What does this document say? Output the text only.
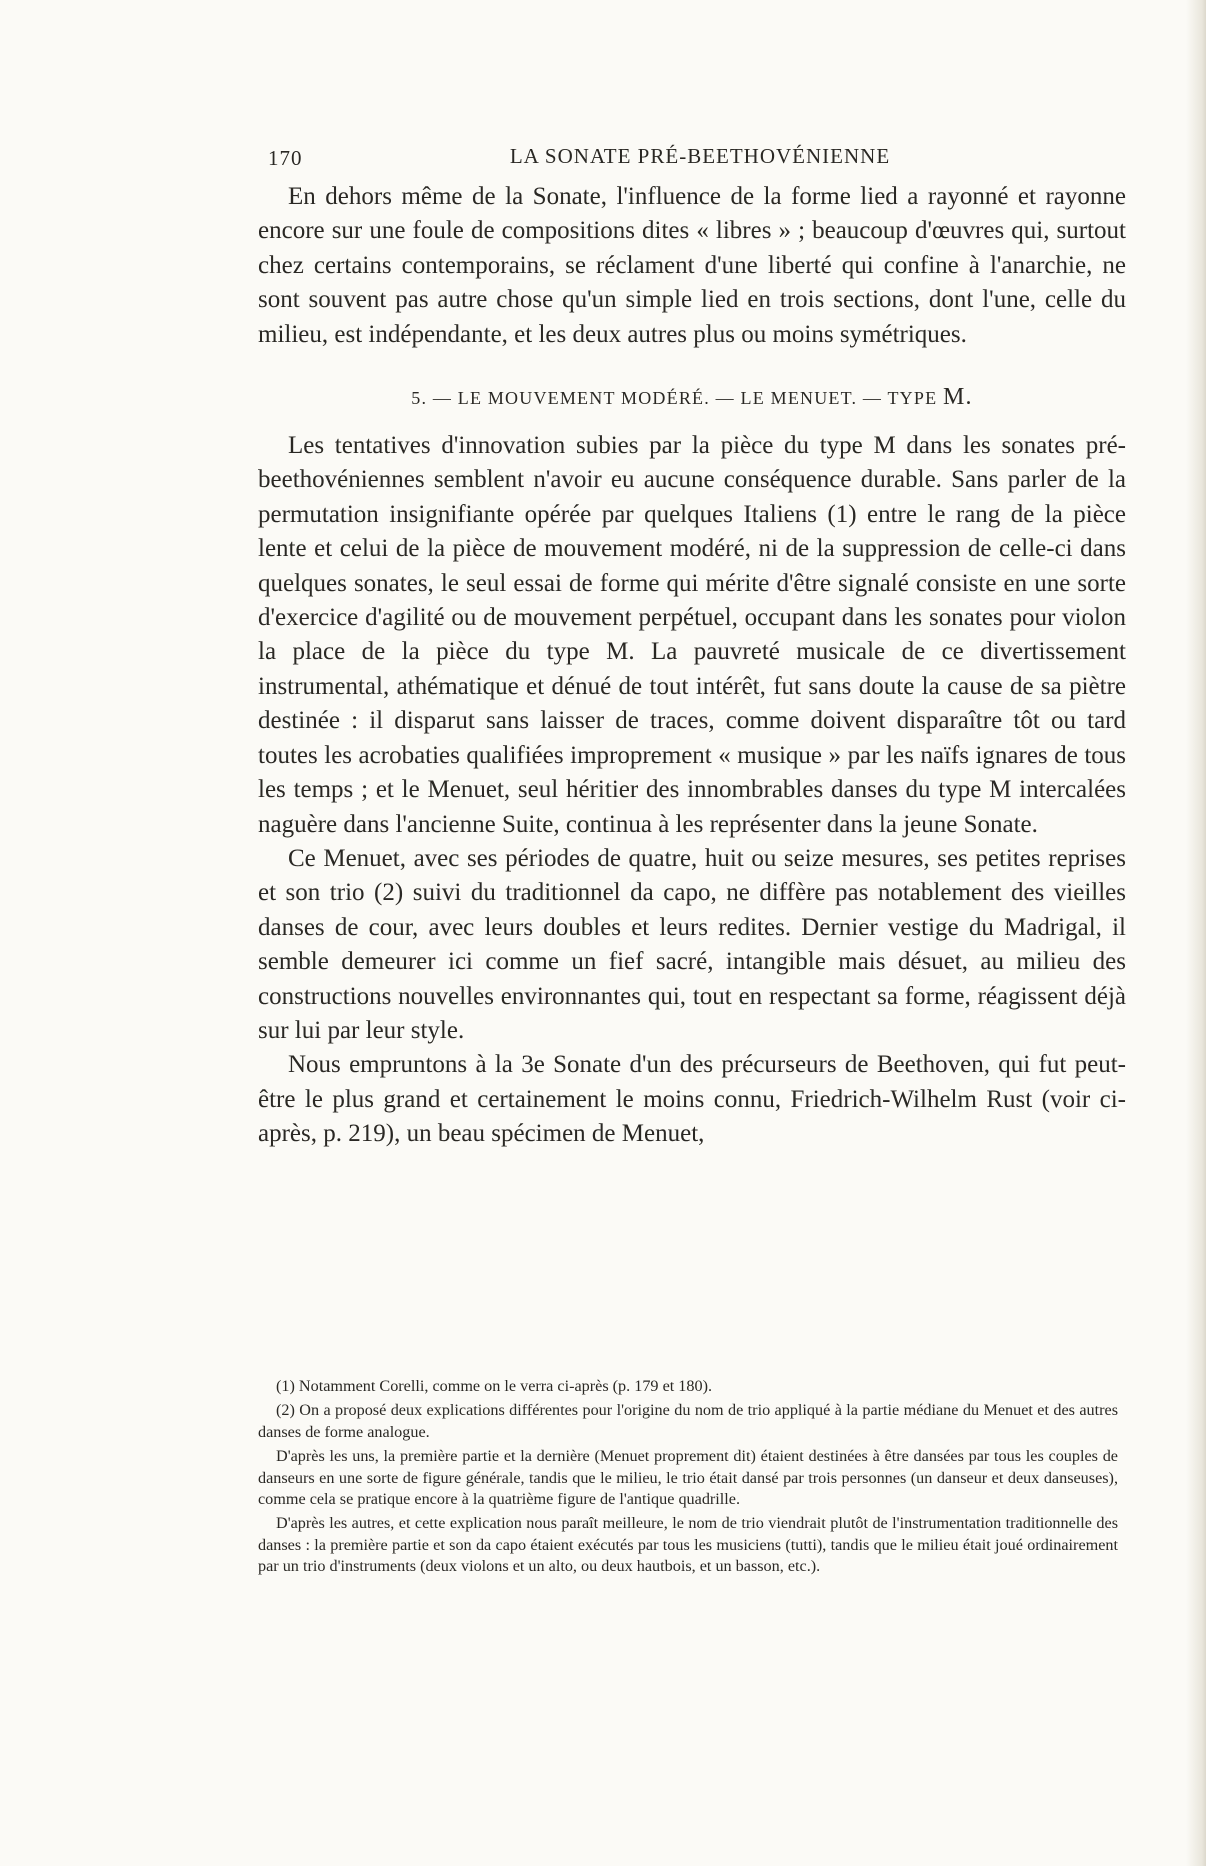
170	LA SONATE PRÉ-BEETHOVÉNIENNE

En dehors même de la Sonate, l'influence de la forme lied a rayonné et rayonne encore sur une foule de compositions dites « libres » ; beaucoup d'œuvres qui, surtout chez certains contemporains, se réclament d'une liberté qui confine à l'anarchie, ne sont souvent pas autre chose qu'un simple lied en trois sections, dont l'une, celle du milieu, est indépendante, et les deux autres plus ou moins symétriques.

5. — LE MOUVEMENT MODÉRÉ. — LE MENUET. — TYPE M.

Les tentatives d'innovation subies par la pièce du type M dans les sonates pré-beethovéniennes semblent n'avoir eu aucune conséquence durable. Sans parler de la permutation insignifiante opérée par quelques Italiens (1) entre le rang de la pièce lente et celui de la pièce de mouvement modéré, ni de la suppression de celle-ci dans quelques sonates, le seul essai de forme qui mérite d'être signalé consiste en une sorte d'exercice d'agilité ou de mouvement perpétuel, occupant dans les sonates pour violon la place de la pièce du type M. La pauvreté musicale de ce divertissement instrumental, athématique et dénué de tout intérêt, fut sans doute la cause de sa piètre destinée : il disparut sans laisser de traces, comme doivent disparaître tôt ou tard toutes les acrobaties qualifiées improprement « musique » par les naïfs ignares de tous les temps ; et le Menuet, seul héritier des innombrables danses du type M intercalées naguère dans l'ancienne Suite, continua à les représenter dans la jeune Sonate.

Ce Menuet, avec ses périodes de quatre, huit ou seize mesures, ses petites reprises et son trio (2) suivi du traditionnel da capo, ne diffère pas notablement des vieilles danses de cour, avec leurs doubles et leurs redites. Dernier vestige du Madrigal, il semble demeurer ici comme un fief sacré, intangible mais désuet, au milieu des constructions nouvelles environnantes qui, tout en respectant sa forme, réagissent déjà sur lui par leur style.

Nous empruntons à la 3e Sonate d'un des précurseurs de Beethoven, qui fut peut-être le plus grand et certainement le moins connu, Friedrich-Wilhelm Rust (voir ci-après, p. 219), un beau spécimen de Menuet,

(1) Notamment Corelli, comme on le verra ci-après (p. 179 et 180).

(2) On a proposé deux explications différentes pour l'origine du nom de trio appliqué à la partie médiane du Menuet et des autres danses de forme analogue.

D'après les uns, la première partie et la dernière (Menuet proprement dit) étaient destinées à être dansées par tous les couples de danseurs en une sorte de figure générale, tandis que le milieu, le trio était dansé par trois personnes (un danseur et deux danseuses), comme cela se pratique encore à la quatrième figure de l'antique quadrille.

D'après les autres, et cette explication nous paraît meilleure, le nom de trio viendrait plutôt de l'instrumentation traditionnelle des danses : la première partie et son da capo étaient exécutés par tous les musiciens (tutti), tandis que le milieu était joué ordinairement par un trio d'instruments (deux violons et un alto, ou deux hautbois, et un basson, etc.).
